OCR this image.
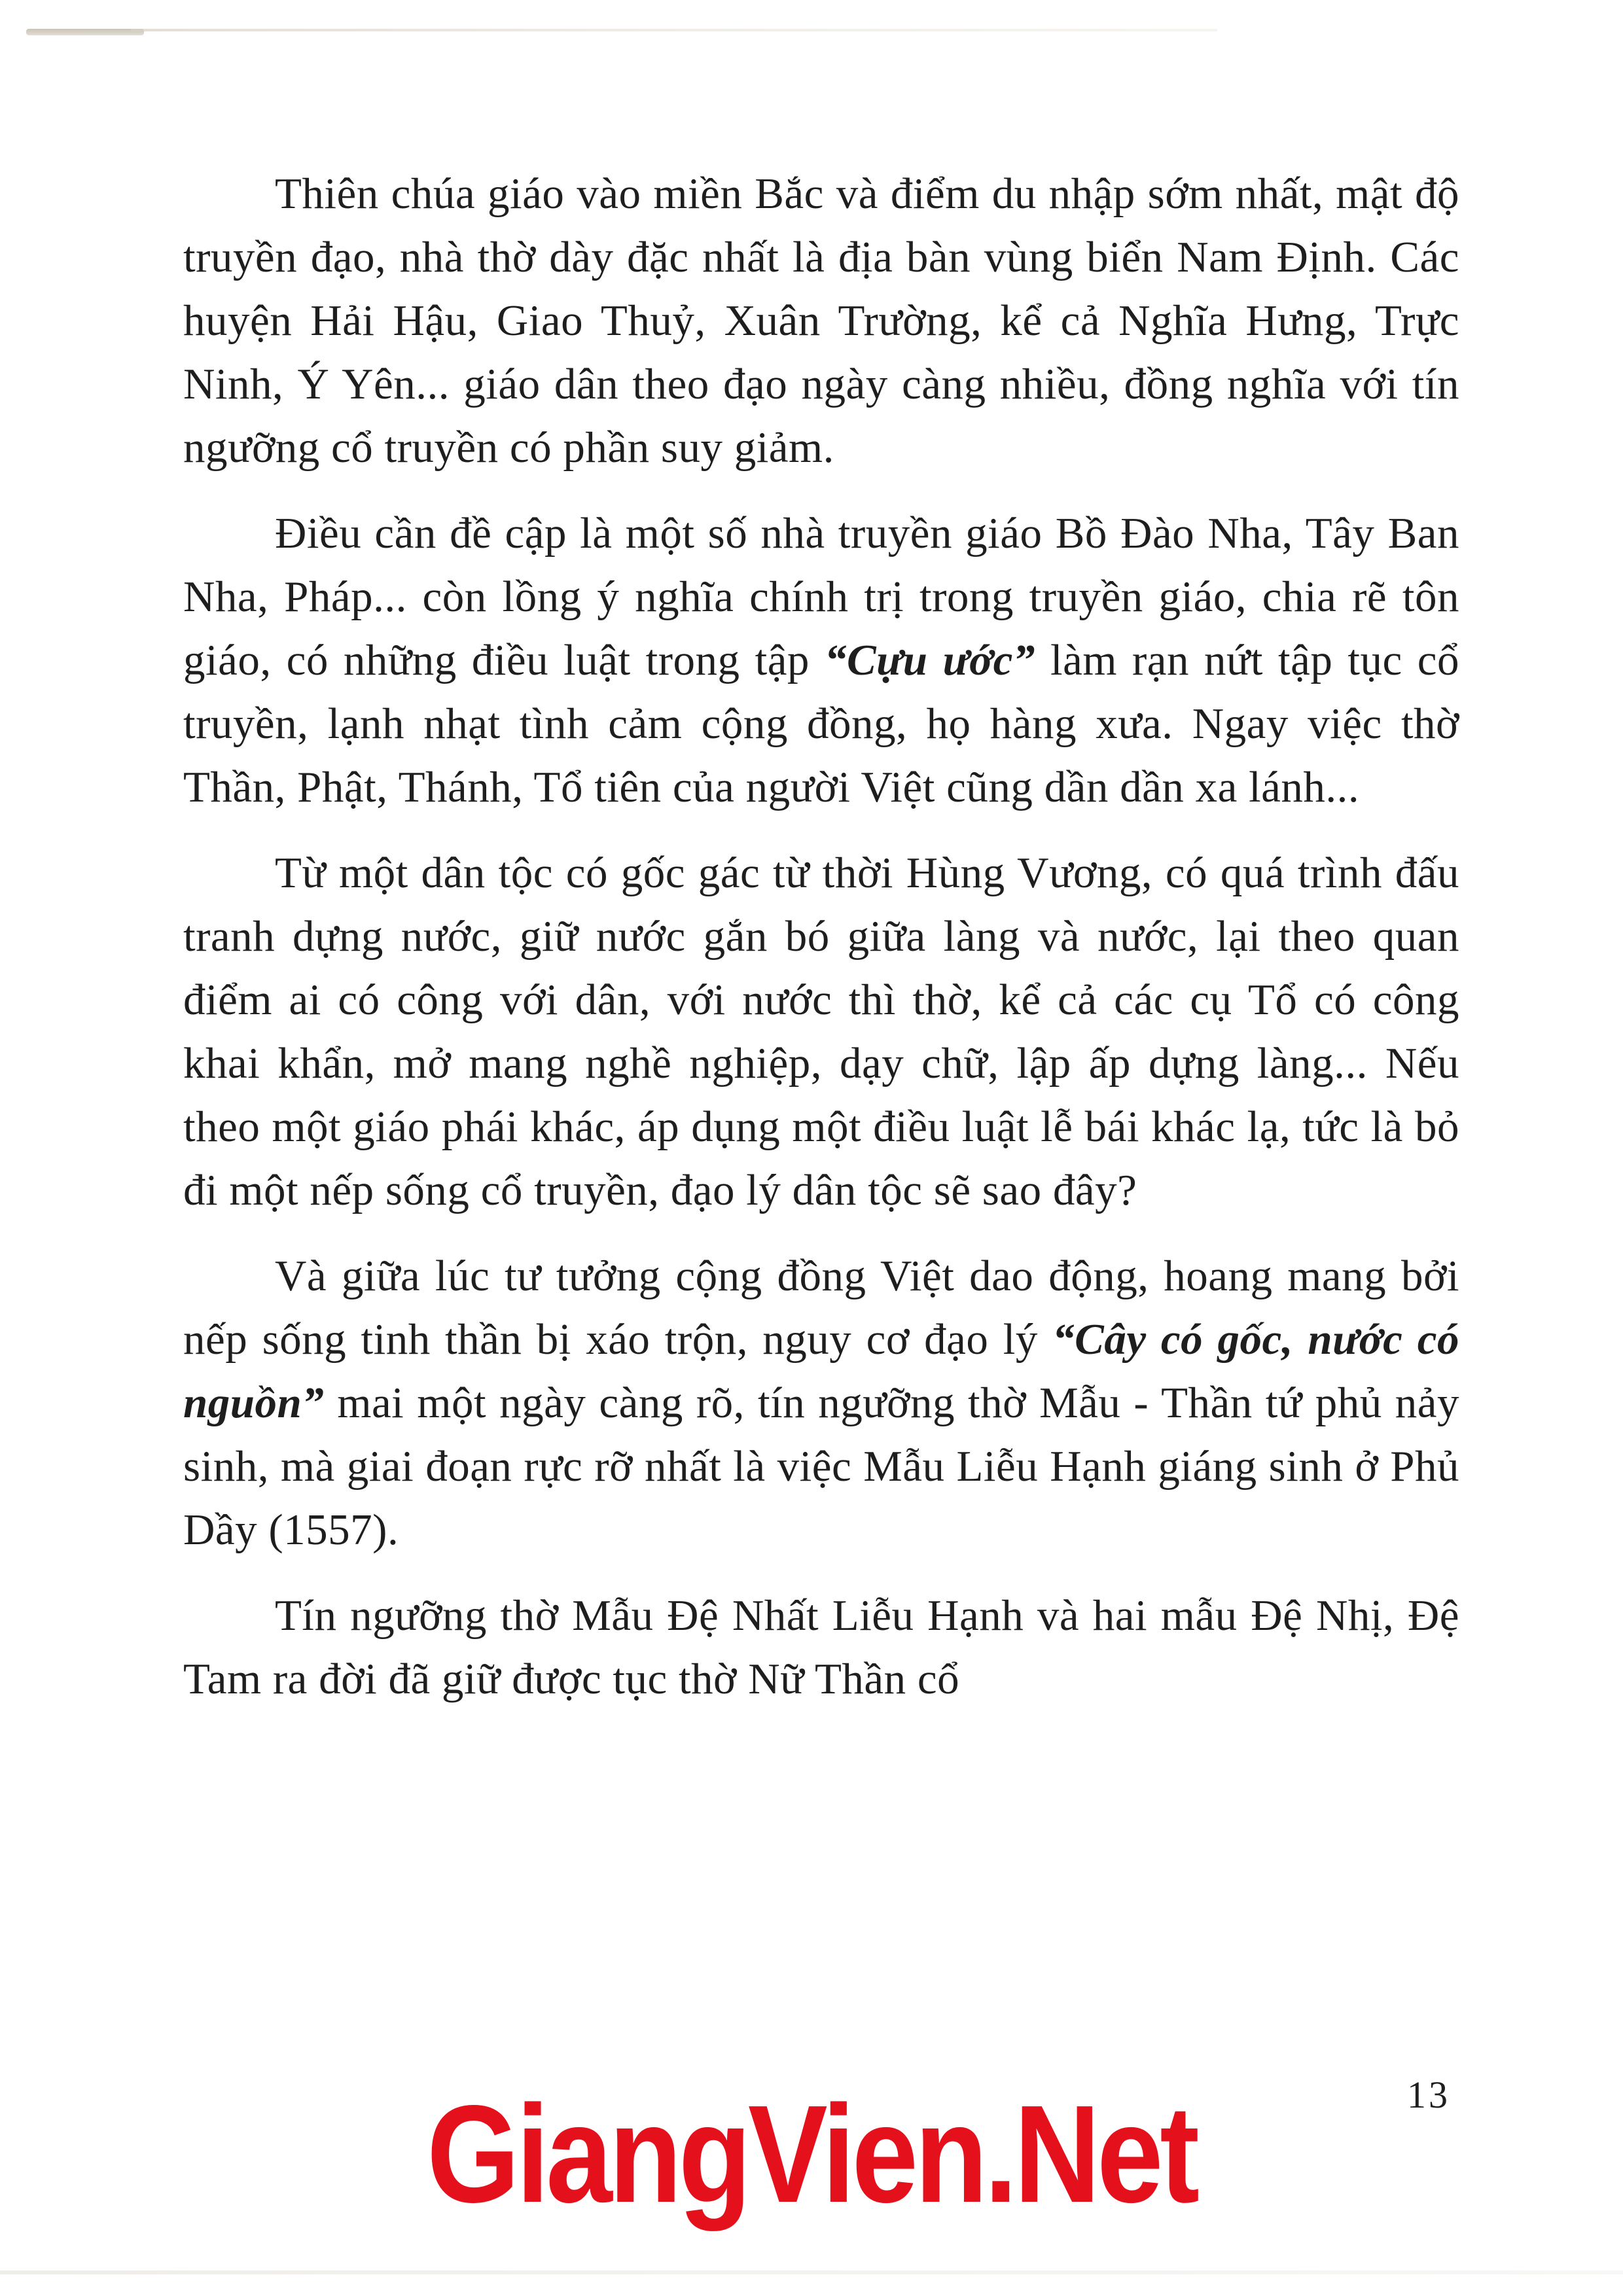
Thiên chúa giáo vào miền Bắc và điểm du nhập sớm nhất, mật độ truyền đạo, nhà thờ dày đặc nhất là địa bàn vùng biển Nam Định. Các huyện Hải Hậu, Giao Thuỷ, Xuân Trường, kể cả Nghĩa Hưng, Trực Ninh, Ý Yên... giáo dân theo đạo ngày càng nhiều, đồng nghĩa với tín ngưỡng cổ truyền có phần suy giảm.

Điều cần đề cập là một số nhà truyền giáo Bồ Đào Nha, Tây Ban Nha, Pháp... còn lồng ý nghĩa chính trị trong truyền giáo, chia rẽ tôn giáo, có những điều luật trong tập “Cựu ước” làm rạn nứt tập tục cổ truyền, lạnh nhạt tình cảm cộng đồng, họ hàng xưa. Ngay việc thờ Thần, Phật, Thánh, Tổ tiên của người Việt cũng dần dần xa lánh...

Từ một dân tộc có gốc gác từ thời Hùng Vương, có quá trình đấu tranh dựng nước, giữ nước gắn bó giữa làng và nước, lại theo quan điểm ai có công với dân, với nước thì thờ, kể cả các cụ Tổ có công khai khẩn, mở mang nghề nghiệp, dạy chữ, lập ấp dựng làng... Nếu theo một giáo phái khác, áp dụng một điều luật lễ bái khác lạ, tức là bỏ đi một nếp sống cổ truyền, đạo lý dân tộc sẽ sao đây?

Và giữa lúc tư tưởng cộng đồng Việt dao động, hoang mang bởi nếp sống tinh thần bị xáo trộn, nguy cơ đạo lý “Cây có gốc, nước có nguồn” mai một ngày càng rõ, tín ngưỡng thờ Mẫu - Thần tứ phủ nảy sinh, mà giai đoạn rực rỡ nhất là việc Mẫu Liễu Hạnh giáng sinh ở Phủ Dầy (1557).

Tín ngưỡng thờ Mẫu Đệ Nhất Liễu Hạnh và hai mẫu Đệ Nhị, Đệ Tam ra đời đã giữ được tục thờ Nữ Thần cổ

13
GiangVien.Net
